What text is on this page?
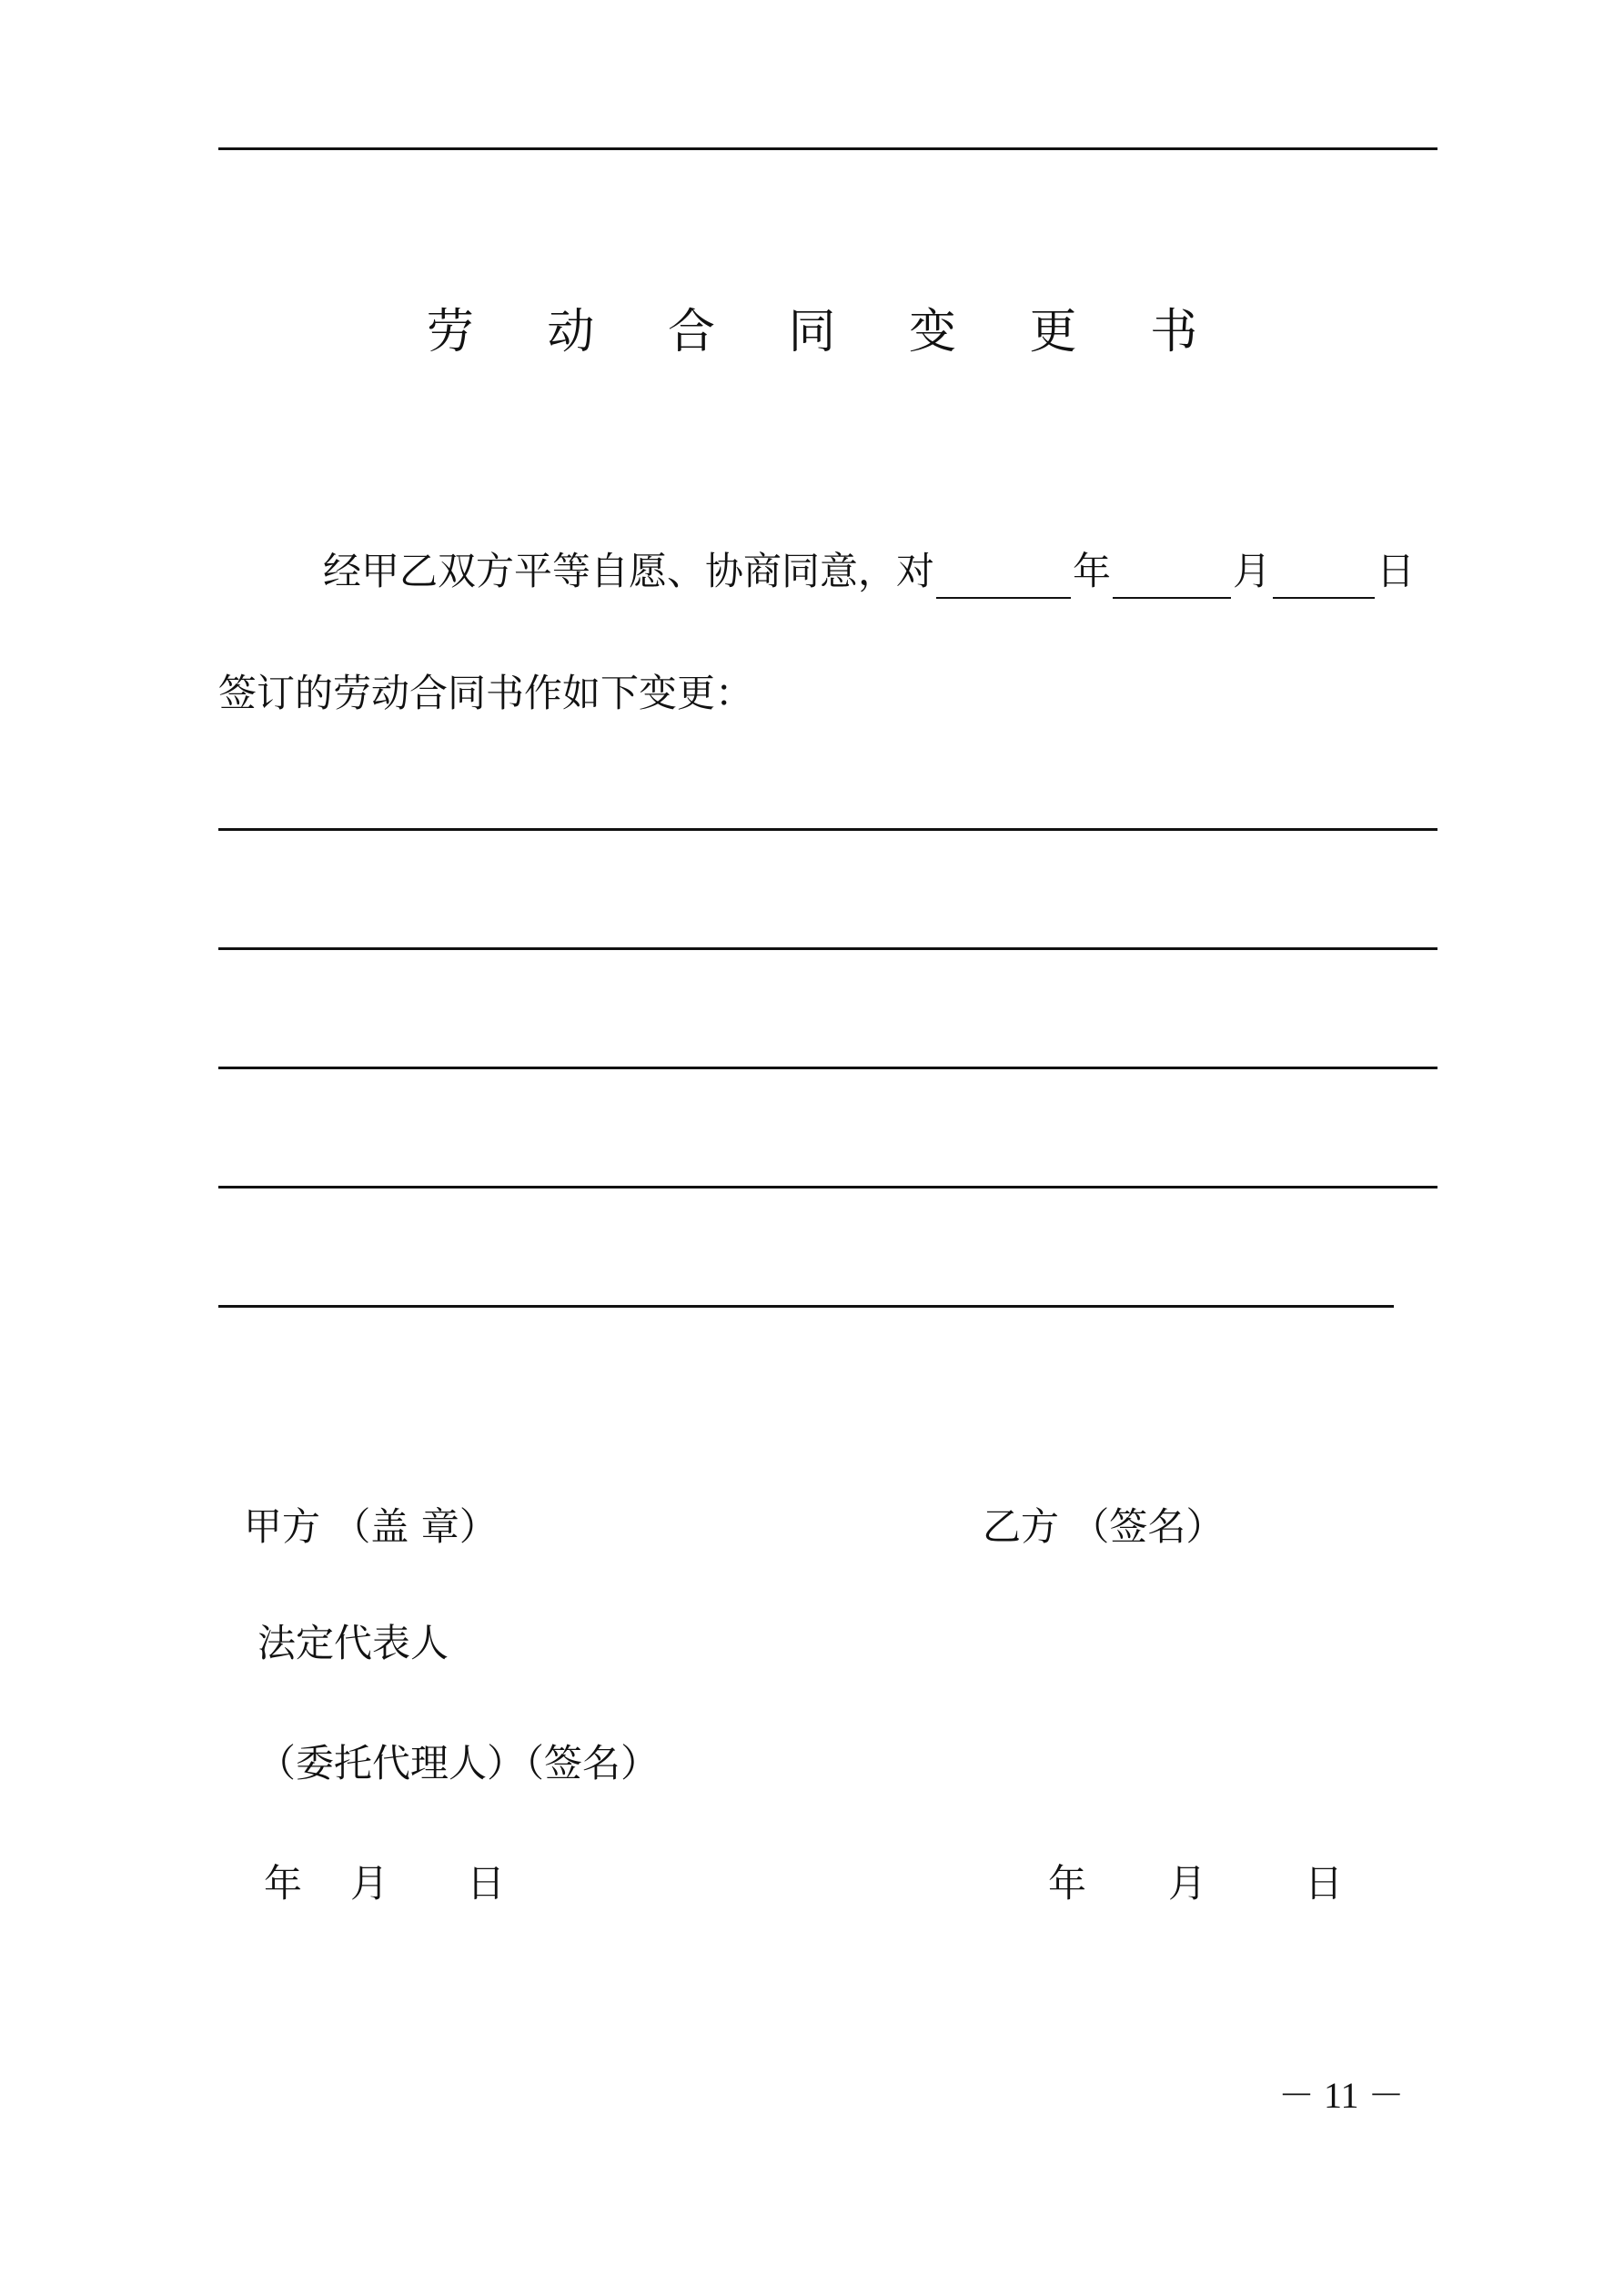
劳 动 合 同 变 更 书
经甲乙双方平等自愿、协商同意，对	年	月	日
签订的劳动合同书作如下变更：
甲方 （盖 章）	乙方 （签名）
法定代表人
（委托代理人）（签名）
年 月 日	年 月	日
－ 11 －
